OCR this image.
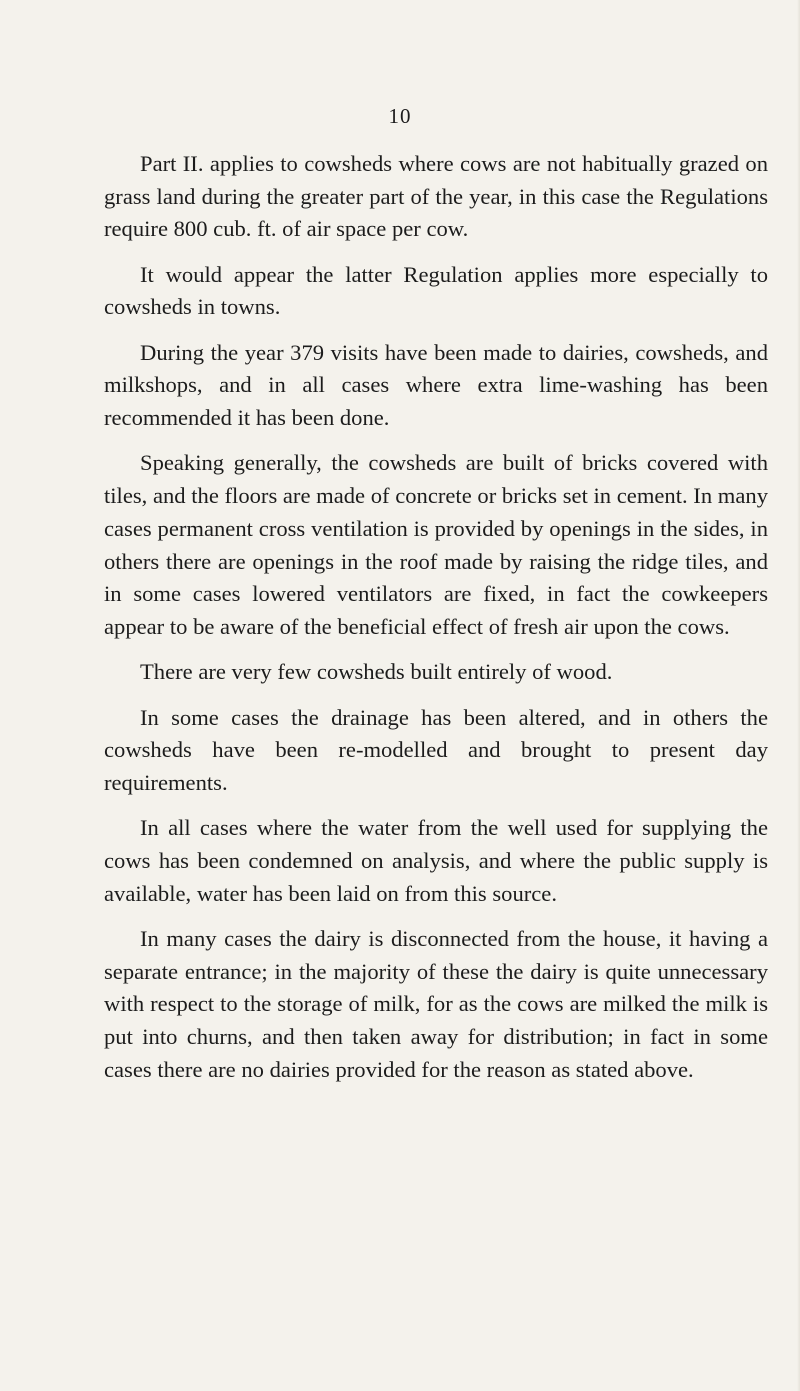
10

Part II. applies to cowsheds where cows are not habitually grazed on grass land during the greater part of the year, in this case the Regulations require 800 cub. ft. of air space per cow.

It would appear the latter Regulation applies more especially to cowsheds in towns.

During the year 379 visits have been made to dairies, cowsheds, and milkshops, and in all cases where extra lime-washing has been recommended it has been done.

Speaking generally, the cowsheds are built of bricks covered with tiles, and the floors are made of concrete or bricks set in cement. In many cases permanent cross ventilation is provided by openings in the sides, in others there are openings in the roof made by raising the ridge tiles, and in some cases lowered ventilators are fixed, in fact the cowkeepers appear to be aware of the beneficial effect of fresh air upon the cows.

There are very few cowsheds built entirely of wood.

In some cases the drainage has been altered, and in others the cowsheds have been re-modelled and brought to present day requirements.

In all cases where the water from the well used for supplying the cows has been condemned on analysis, and where the public supply is available, water has been laid on from this source.

In many cases the dairy is disconnected from the house, it having a separate entrance; in the majority of these the dairy is quite unnecessary with respect to the storage of milk, for as the cows are milked the milk is put into churns, and then taken away for distribution; in fact in some cases there are no dairies provided for the reason as stated above.
